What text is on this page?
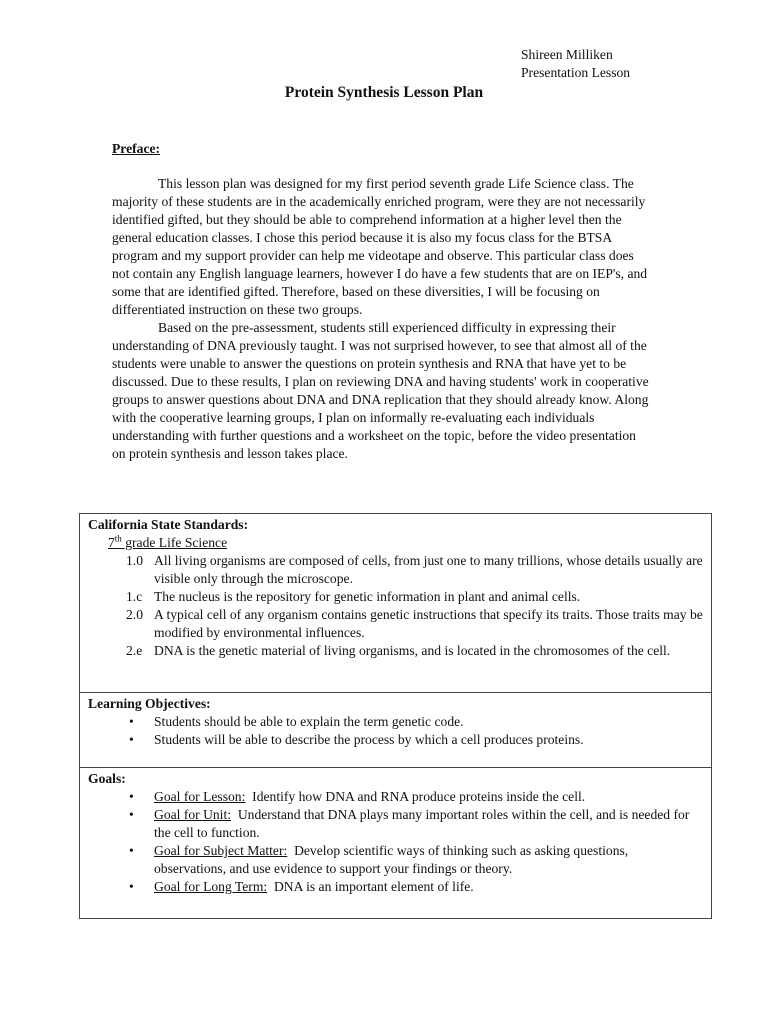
Shireen Milliken
Presentation Lesson
Protein Synthesis Lesson Plan
Preface:

This lesson plan was designed for my first period seventh grade Life Science class. The majority of these students are in the academically enriched program, were they are not necessarily identified gifted, but they should be able to comprehend information at a higher level then the general education classes. I chose this period because it is also my focus class for the BTSA program and my support provider can help me videotape and observe. This particular class does not contain any English language learners, however I do have a few students that are on IEP's, and some that are identified gifted. Therefore, based on these diversities, I will be focusing on differentiated instruction on these two groups.

Based on the pre-assessment, students still experienced difficulty in expressing their understanding of DNA previously taught. I was not surprised however, to see that almost all of the students were unable to answer the questions on protein synthesis and RNA that have yet to be discussed. Due to these results, I plan on reviewing DNA and having students' work in cooperative groups to answer questions about DNA and DNA replication that they should already know. Along with the cooperative learning groups, I plan on informally re-evaluating each individuals understanding with further questions and a worksheet on the topic, before the video presentation on protein synthesis and lesson takes place.

California State Standards:
7th grade Life Science
1.0 All living organisms are composed of cells, from just one to many trillions, whose details usually are visible only through the microscope.
1.c The nucleus is the repository for genetic information in plant and animal cells.
2.0 A typical cell of any organism contains genetic instructions that specify its traits. Those traits may be modified by environmental influences.
2.e DNA is the genetic material of living organisms, and is located in the chromosomes of the cell.
Learning Objectives:
• Students should be able to explain the term genetic code.
• Students will be able to describe the process by which a cell produces proteins.
Goals:
• Goal for Lesson:  Identify how DNA and RNA produce proteins inside the cell.
• Goal for Unit:  Understand that DNA plays many important roles within the cell, and is needed for the cell to function.
• Goal for Subject Matter:  Develop scientific ways of thinking such as asking questions, observations, and use evidence to support your findings or theory.
• Goal for Long Term:  DNA is an important element of life.
